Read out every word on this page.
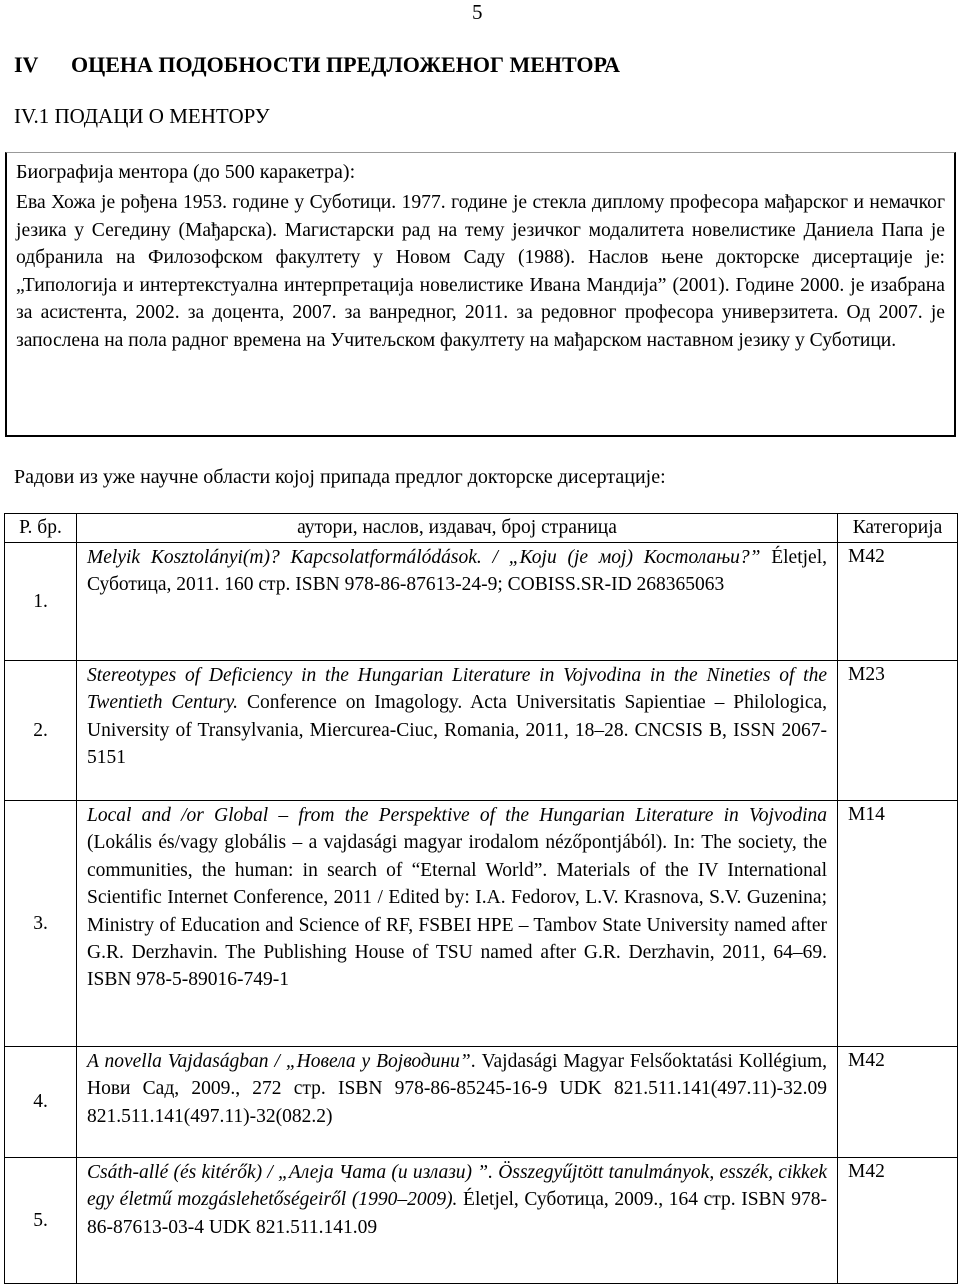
5
IV ОЦЕНА ПОДОБНОСТИ ПРЕДЛОЖЕНОГ МЕНТОРА
IV.1 ПОДАЦИ О МЕНТОРУ
Биографија ментора (до 500 каракетра):
Ева Хожа је рођена 1953. године у Суботици. 1977. године је стекла диплому професора мађарског и немачког језика у Сегедину (Мађарска). Магистарски рад на тему језичког модалитета новелистике Даниела Папа је одбранила на Филозофском факултету у Новом Саду (1988). Наслов њене докторске дисертације је: „Типологија и интертекстуална интерпретација новелистике Ивана Мандија” (2001). Године 2000. је изабрана за асистента, 2002. за доцента, 2007. за ванредног, 2011. за редовног професора универзитета. Од 2007. је запослена на пола радног времена на Учитељском факултету на мађарском наставном језику у Суботици.
Радови из уже научне области којој припада предлог докторске дисертације:
Р. бр.	аутори, наслов, издавач, број страница	Категорија
1.	Melyik Kosztolányi(m)? Kapcsolatformálódások. / „Који (је мој) Костолањи?” Életjel, Суботица, 2011. 160 стр. ISBN 978-86-87613-24-9; COBISS.SR-ID 268365063	M42
2.	Stereotypes of Deficiency in the Hungarian Literature in Vojvodina in the Nineties of the Twentieth Century. Conference on Imagology. Acta Universitatis Sapientiae – Philologica, University of Transylvania, Miercurea-Ciuc, Romania, 2011, 18–28. CNCSIS B, ISSN 2067-5151	M23
3.	Local and /or Global – from the Perspektive of the Hungarian Literature in Vojvodina (Lokális és/vagy globális – a vajdasági magyar irodalom nézőpontjából). In: The society, the communities, the human: in search of “Eternal World”. Materials of the IV International Scientific Internet Conference, 2011 / Edited by: I.A. Fedorov, L.V. Krasnova, S.V. Guzenina; Ministry of Education and Science of RF, FSBEI HPE – Tambov State University named after G.R. Derzhavin. The Publishing House of TSU named after G.R. Derzhavin, 2011, 64–69. ISBN 978-5-89016-749-1	M14
4.	A novella Vajdaságban / „Новела у Војводини”. Vajdasági Magyar Felsőoktatási Kollégium, Нови Сад, 2009., 272 стр. ISBN 978-86-85245-16-9 UDK 821.511.141(497.11)-32.09 821.511.141(497.11)-32(082.2)	M42
5.	Csáth-allé (és kitérők) / „Алеја Чата (и излази) ”. Összegyűjtött tanulmányok, esszék, cikkek egy életmű mozgáslehetőségeiről (1990–2009). Életjel, Суботица, 2009., 164 стр. ISBN 978-86-87613-03-4 UDK 821.511.141.09	M42
